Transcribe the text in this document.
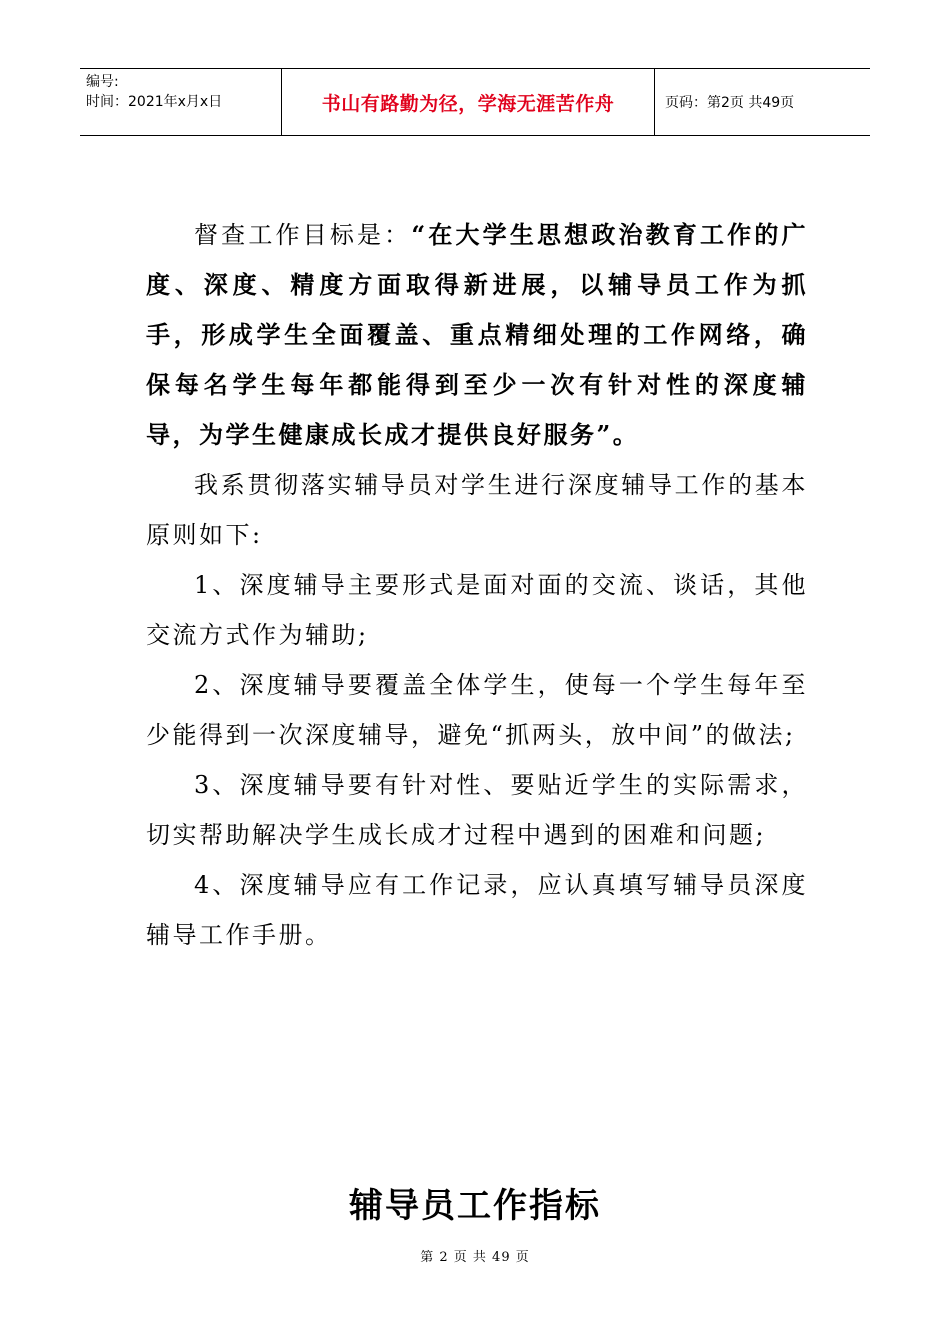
编号:
时间：2021年x月x日	书山有路勤为径，学海无涯苦作舟	页码：第2页 共49页

督查工作目标是：“在大学生思想政治教育工作的广度、深度、精度方面取得新进展，以辅导员工作为抓手，形成学生全面覆盖、重点精细处理的工作网络，确保每名学生每年都能得到至少一次有针对性的深度辅导，为学生健康成长成才提供良好服务”。

我系贯彻落实辅导员对学生进行深度辅导工作的基本原则如下:

1、深度辅导主要形式是面对面的交流、谈话，其他交流方式作为辅助;

2、深度辅导要覆盖全体学生，使每一个学生每年至少能得到一次深度辅导，避免“抓两头，放中间”的做法;

3、深度辅导要有针对性、要贴近学生的实际需求，切实帮助解决学生成长成才过程中遇到的困难和问题;

4、深度辅导应有工作记录，应认真填写辅导员深度辅导工作手册。

辅导员工作指标
第 2 页 共 49 页
